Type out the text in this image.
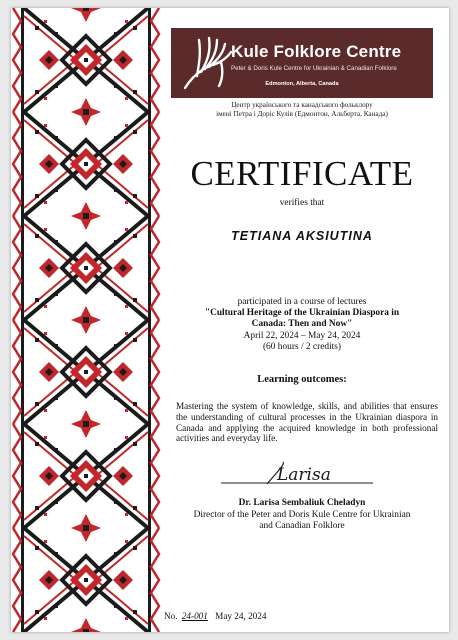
Kule Folklore Centre
Peter & Doris Kule Centre for Ukrainian & Canadian Folklore
Edmonton, Alberta, Canada
Центр українського та канадського фольклору
імені Петра і Доріс Кулів (Едмонтон, Альберта, Канада)
CERTIFICATE
verifies that
TETIANA AKSIUTINA
participated in a course of lectures
"Cultural Heritage of the Ukrainian Diaspora in
Canada: Then and Now"
April 22, 2024 – May 24, 2024
(60 hours / 2 credits)
Learning outcomes:
Mastering the system of knowledge, skills, and abilities that ensures the understanding of cultural processes in the Ukrainian diaspora in Canada and applying the acquired knowledge in both professional activities and everyday life.
Larisa
Dr. Larisa Sembaliuk Cheladyn
Director of the Peter and Doris Kule Centre for Ukrainian
and Canadian Folklore
No. 24-001 May 24, 2024
